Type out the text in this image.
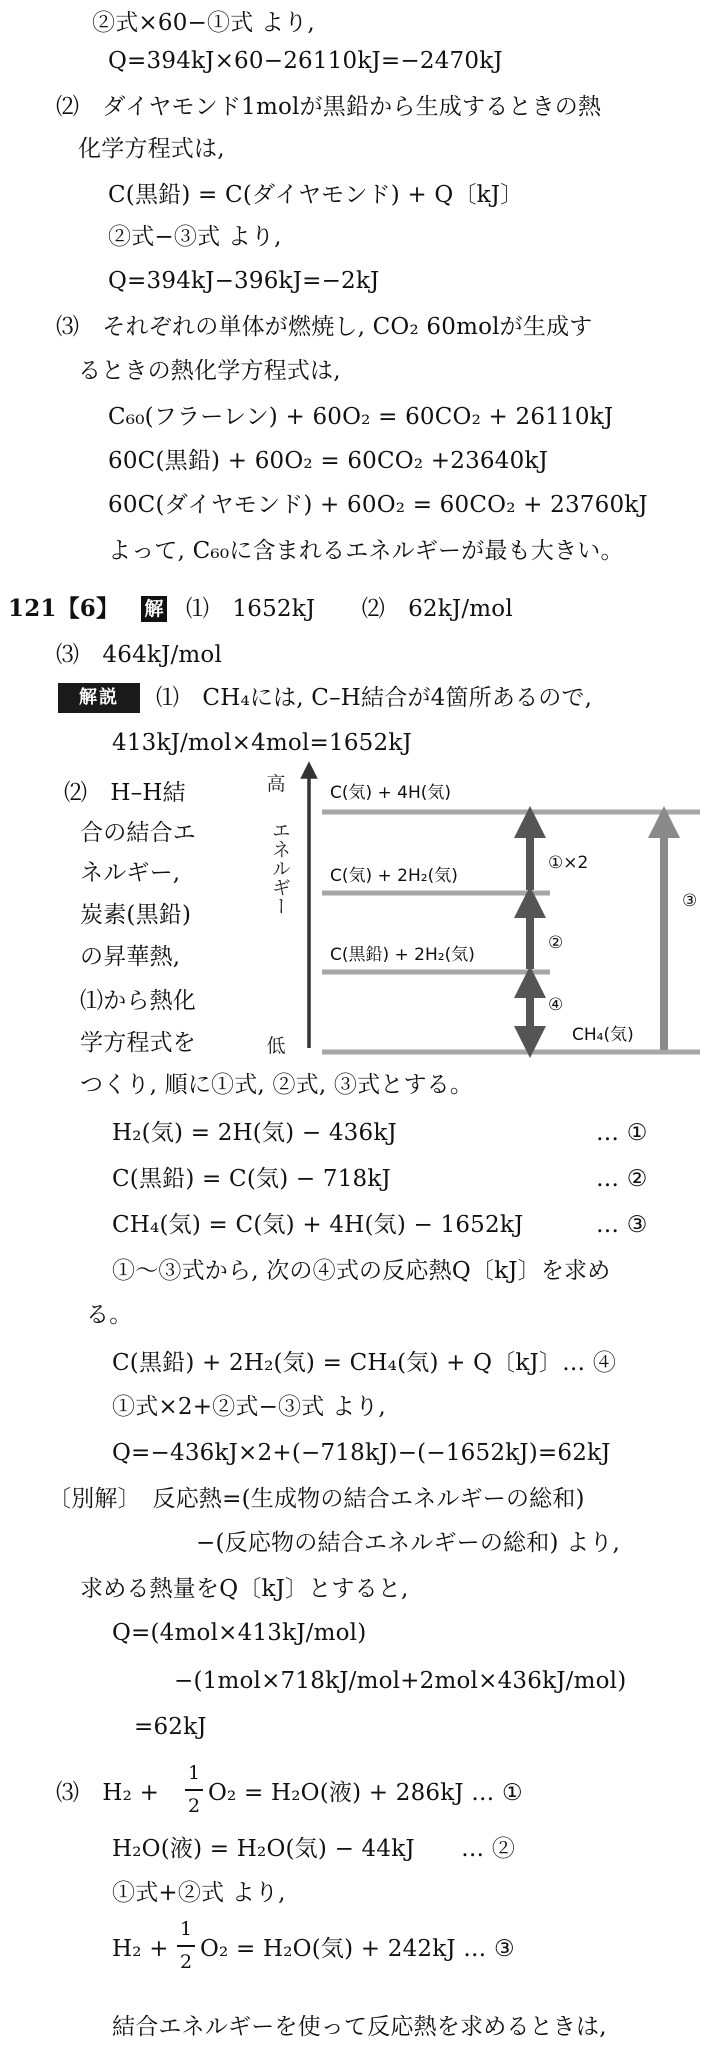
②式×60−①式 より,
Q=394kJ×60−26110kJ=−2470kJ
⑵　ダイヤモンド1molが黒鉛から生成するときの熱
化学方程式は,
C(黒鉛) = C(ダイヤモンド) + Q〔kJ〕
②式−③式 より,
Q=394kJ−396kJ=−2kJ
⑶　それぞれの単体が燃焼し, CO₂ 60molが生成す
るときの熱化学方程式は,
C₆₀(フラーレン) + 60O₂ = 60CO₂ + 26110kJ
60C(黒鉛) + 60O₂ = 60CO₂ +23640kJ
60C(ダイヤモンド) + 60O₂ = 60CO₂ + 23760kJ
よって, C₆₀に含まれるエネルギーが最も大きい。
121【6】 解 ⑴　1652kJ　　⑵　62kJ/mol
⑶　464kJ/mol
解説	⑴　CH₄には, C–H結合が4箇所あるので,
413kJ/mol×4mol=1652kJ
⑵　H–H結
合の結合エ
ネルギー,
炭素(黒鉛)
の昇華熱,
⑴から熱化
学方程式を
高
低
エネルギー
C(気) + 4H(気)
C(気) + 2H₂(気)
C(黒鉛) + 2H₂(気)
CH₄(気)
①×2
②
④
③
つくり, 順に①式, ②式, ③式とする。
H₂(気) = 2H(気) − 436kJ	… ①
C(黒鉛) = C(気) − 718kJ	… ②
CH₄(気) = C(気) + 4H(気) − 1652kJ	… ③
①〜③式から, 次の④式の反応熱Q〔kJ〕を求め
る。
C(黒鉛) + 2H₂(気) = CH₄(気) + Q〔kJ〕… ④
①式×2+②式−③式 より,
Q=−436kJ×2+(−718kJ)−(−1652kJ)=62kJ
〔別解〕　反応熱=(生成物の結合エネルギーの総和)
−(反応物の結合エネルギーの総和) より,
求める熱量をQ〔kJ〕とすると,
Q=(4mol×413kJ/mol)
−(1mol×718kJ/mol+2mol×436kJ/mol)
=62kJ
⑶　H₂ +
1
2 O₂ = H₂O(液) + 286kJ … ①
H₂O(液) = H₂O(気) − 44kJ　　… ②
①式+②式 より,
H₂ +
1
2 O₂ = H₂O(気) + 242kJ … ③
結合エネルギーを使って反応熱を求めるときは,
